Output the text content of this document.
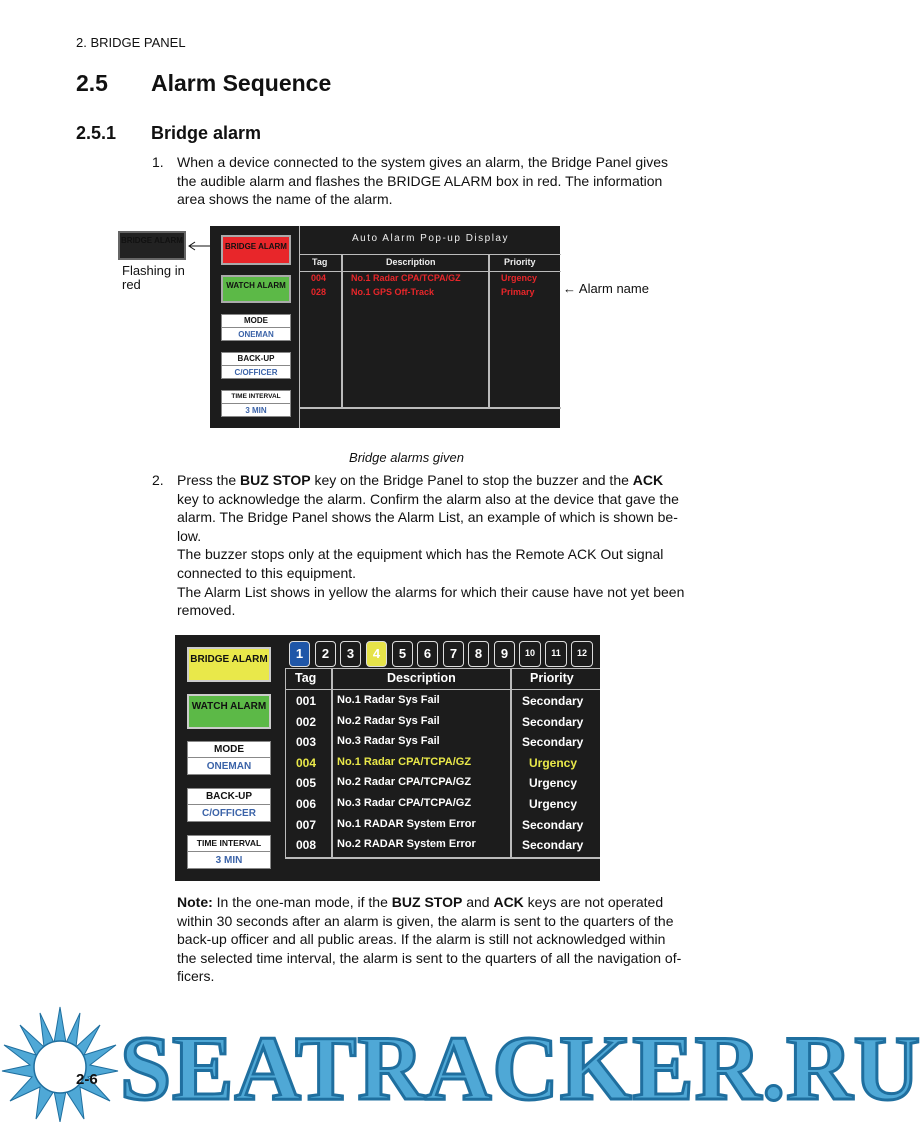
2. BRIDGE PANEL
2.5 Alarm Sequence
2.5.1 Bridge alarm
1. When a device connected to the system gives an alarm, the Bridge Panel gives
the audible alarm and flashes the BRIDGE ALARM box in red. The information
area shows the name of the alarm.
BRIDGE ALARM
Flashing in
red
BRIDGE ALARM
WATCH ALARM
MODE
ONEMAN
BACK-UP
C/OFFICER
TIME INTERVAL
3 MIN
Auto Alarm Pop-up Display
Tag	Description	Priority
004	No.1 Radar CPA/TCPA/GZ	Urgency
028	No.1 GPS Off-Track	Primary ← Alarm name
Bridge alarms given
2. Press the BUZ STOP key on the Bridge Panel to stop the buzzer and the ACK
key to acknowledge the alarm. Confirm the alarm also at the device that gave the
alarm. The Bridge Panel shows the Alarm List, an example of which is shown be-
low.
The buzzer stops only at the equipment which has the Remote ACK Out signal
connected to this equipment.
The Alarm List shows in yellow the alarms for which their cause have not yet been
removed.
BRIDGE ALARM
WATCH ALARM
MODE
ONEMAN
BACK-UP
C/OFFICER
TIME INTERVAL
3 MIN
1	2	3	4	5	6	7	8	9	10	11	12
Tag	Description	Priority
001 No.1 Radar Sys Fail	Secondary
002 No.2 Radar Sys Fail	Secondary
003 No.3 Radar Sys Fail	Secondary
004 No.1 Radar CPA/TCPA/GZ	Urgency
005 No.2 Radar CPA/TCPA/GZ	Urgency
006 No.3 Radar CPA/TCPA/GZ	Urgency
007 No.1 RADAR System Error	Secondary
008 No.2 RADAR System Error	Secondary
Note: In the one-man mode, if the BUZ STOP and ACK keys are not operated
within 30 seconds after an alarm is given, the alarm is sent to the quarters of the
back-up officer and all public areas. If the alarm is still not acknowledged within
the selected time interval, the alarm is sent to the quarters of all the navigation of-
ficers.
SEATRACKER.RU
2-6
